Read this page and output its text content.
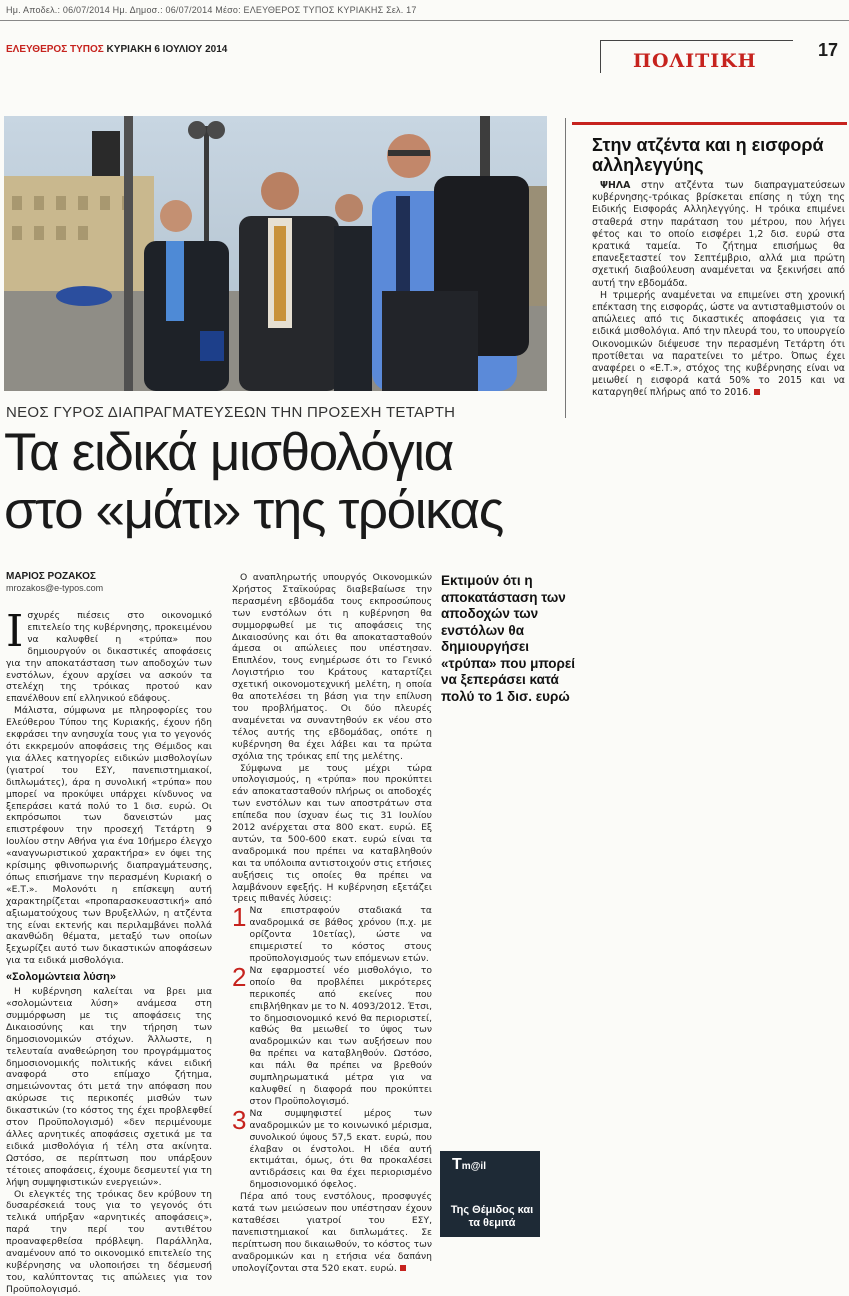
Ημ. Αποδελ.: 06/07/2014 Ημ. Δημοσ.: 06/07/2014 Μέσο: ΕΛΕΥΘΕΡΟΣ ΤΥΠΟΣ ΚΥΡΙΑΚΗΣ Σελ. 17
ΕΛΕΥΘΕΡΟΣ ΤΥΠΟΣ ΚΥΡΙΑΚΗ 6 ΙΟΥΛΙΟΥ 2014
ΠΟΛΙΤΙΚΗ	17
Στην ατζέντα και η εισφορά αλληλεγγύης

ΨΗΛΑ στην ατζέντα των διαπραγματεύσεων κυβέρνησης-τρόικας βρίσκεται επίσης η τύχη της Ειδικής Εισφοράς Αλληλεγγύης. Η τρόικα επιμένει σταθερά στην παράταση του μέτρου, που λήγει φέτος και το οποίο εισφέρει 1,2 δισ. ευρώ στα κρατικά ταμεία. Το ζήτημα επισήμως θα επανεξεταστεί τον Σεπτέμβριο, αλλά μια πρώτη σχετική διαβούλευση αναμένεται να ξεκινήσει από αυτή την εβδομάδα.

Η τριμερής αναμένεται να επιμείνει στη χρονική επέκταση της εισφοράς, ώστε να αντισταθμιστούν οι απώλειες από τις δικαστικές αποφάσεις για τα ειδικά μισθολόγια. Από την πλευρά του, το υπουργείο Οικονομικών διέψευσε την περασμένη Τετάρτη ότι προτίθεται να παρατείνει το μέτρο. Όπως έχει αναφέρει ο «Ε.Τ.», στόχος της κυβέρνησης είναι να μειωθεί η εισφορά κατά 50% το 2015 και να καταργηθεί πλήρως από το 2016.

ΝΕΟΣ ΓΥΡΟΣ ΔΙΑΠΡΑΓΜΑΤΕΥΣΕΩΝ ΤΗΝ ΠΡΟΣΕΧΗ ΤΕΤΑΡΤΗ
Τα ειδικά μισθολόγια
στο «μάτι» της τρόικας
ΜΑΡΙΟΣ ΡΟΖΑΚΟΣ
mrozakos@e-typos.com

Ισχυρές πιέσεις στο οικονομικό επιτελείο της κυβέρνησης, προκειμένου να καλυφθεί η «τρύπα» που δημιουργούν οι δικαστικές αποφάσεις για την αποκατάσταση των αποδοχών των ενστόλων, έχουν αρχίσει να ασκούν τα στελέχη της τρόικας προτού καν επανέλθουν επί ελληνικού εδάφους.

Μάλιστα, σύμφωνα με πληροφορίες του Ελεύθερου Τύπου της Κυριακής, έχουν ήδη εκφράσει την ανησυχία τους για το γεγονός ότι εκκρεμούν αποφάσεις της Θέμιδος και για άλλες κατηγορίες ειδικών μισθολογίων (γιατροί του ΕΣΥ, πανεπιστημιακοί, διπλωμάτες), άρα η συνολική «τρύπα» που μπορεί να προκύψει υπάρχει κίνδυνος να ξεπεράσει κατά πολύ το 1 δισ. ευρώ. Οι εκπρόσωποι των δανειστών μας επιστρέφουν την προσεχή Τετάρτη 9 Ιουλίου στην Αθήνα για ένα 10ήμερο έλεγχο «αναγνωριστικού χαρακτήρα» εν όψει της κρίσιμης φθινοπωρινής διαπραγμάτευσης, όπως επισήμανε την περασμένη Κυριακή ο «Ε.Τ.». Μολονότι η επίσκεψη αυτή χαρακτηρίζεται «προπαρασκευαστική» από αξιωματούχους των Βρυξελλών, η ατζέντα της είναι εκτενής και περιλαμβάνει πολλά ακανθώδη θέματα, μεταξύ των οποίων ξεχωρίζει αυτό των δικαστικών αποφάσεων για τα ειδικά μισθολόγια.

«Σολομώντεια λύση»

Η κυβέρνηση καλείται να βρει μια «σολομώντεια λύση» ανάμεσα στη συμμόρφωση με τις αποφάσεις της Δικαιοσύνης και την τήρηση των δημοσιονομικών στόχων. Άλλωστε, η τελευταία αναθεώρηση του προγράμματος δημοσιονομικής πολιτικής κάνει ειδική αναφορά στο επίμαχο ζήτημα, σημειώνοντας ότι μετά την απόφαση που ακύρωσε τις περικοπές μισθών των δικαστικών (το κόστος της έχει προβλεφθεί στον Προϋπολογισμό) «δεν περιμένουμε άλλες αρνητικές αποφάσεις σχετικά με τα ειδικά μισθολόγια ή τέλη στα ακίνητα. Ωστόσο, σε περίπτωση που υπάρξουν τέτοιες αποφάσεις, έχουμε δεσμευτεί για τη λήψη συμψηφιστικών ενεργειών».

Οι ελεγκτές της τρόικας δεν κρύβουν τη δυσαρέσκειά τους για το γεγονός ότι τελικά υπήρξαν «αρνητικές αποφάσεις», παρά την περί του αντιθέτου προαναφερθείσα πρόβλεψη. Παράλληλα, αναμένουν από το οικονομικό επιτελείο της κυβέρνησης να υλοποιήσει τη δέσμευσή του, καλύπτοντας τις απώλειες για τον Προϋπολογισμό.

Ο αναπληρωτής υπουργός Οικονομικών Χρήστος Σταϊκούρας διαβεβαίωσε την περασμένη εβδομάδα τους εκπροσώπους των ενστόλων ότι η κυβέρνηση θα συμμορφωθεί με τις αποφάσεις της Δικαιοσύνης και ότι θα αποκατασταθούν άμεσα οι απώλειες που υπέστησαν. Επιπλέον, τους ενημέρωσε ότι το Γενικό Λογιστήριο του Κράτους καταρτίζει σχετική οικονομοτεχνική μελέτη, η οποία θα αποτελέσει τη βάση για την επίλυση του προβλήματος. Οι δύο πλευρές αναμένεται να συναντηθούν εκ νέου στο τέλος αυτής της εβδομάδας, οπότε η κυβέρνηση θα έχει λάβει και τα πρώτα σχόλια της τρόικας επί της μελέτης.

Σύμφωνα με τους μέχρι τώρα υπολογισμούς, η «τρύπα» που προκύπτει εάν αποκατασταθούν πλήρως οι αποδοχές των ενστόλων και των αποστράτων στα επίπεδα που ίσχυαν έως τις 31 Ιουλίου 2012 ανέρχεται στα 800 εκατ. ευρώ. Εξ αυτών, τα 500-600 εκατ. ευρώ είναι τα αναδρομικά που πρέπει να καταβληθούν και τα υπόλοιπα αντιστοιχούν στις ετήσιες αυξήσεις τις οποίες θα πρέπει να λαμβάνουν εφεξής. Η κυβέρνηση εξετάζει τρεις πιθανές λύσεις:

1 Να επιστραφούν σταδιακά τα αναδρομικά σε βάθος χρόνου (π.χ. με ορίζοντα 10ετίας), ώστε να επιμεριστεί το κόστος στους προϋπολογισμούς των επόμενων ετών.
2 Να εφαρμοστεί νέο μισθολόγιο, το οποίο θα προβλέπει μικρότερες περικοπές από εκείνες που επιβλήθηκαν με το Ν. 4093/2012. Έτσι, το δημοσιονομικό κενό θα περιοριστεί, καθώς θα μειωθεί το ύψος των αναδρομικών και των αυξήσεων που θα πρέπει να καταβληθούν. Ωστόσο, και πάλι θα πρέπει να βρεθούν συμπληρωματικά μέτρα για να καλυφθεί η διαφορά που προκύπτει στον Προϋπολογισμό.
3 Να συμψηφιστεί μέρος των αναδρομικών με το κοινωνικό μέρισμα, συνολικού ύψους 57,5 εκατ. ευρώ, που έλαβαν οι ένστολοι. Η ιδέα αυτή εκτιμάται, όμως, ότι θα προκαλέσει αντιδράσεις και θα έχει περιορισμένο δημοσιονομικό όφελος.

Πέρα από τους ενστόλους, προσφυγές κατά των μειώσεων που υπέστησαν έχουν καταθέσει γιατροί του ΕΣΥ, πανεπιστημιακοί και διπλωμάτες. Σε περίπτωση που δικαιωθούν, το κόστος των αναδρομικών και η ετήσια νέα δαπάνη υπολογίζονται στα 520 εκατ. ευρώ.

Εκτιμούν ότι η αποκατάσταση των αποδοχών των ενστόλων θα δημιουργήσει «τρύπα» που μπορεί να ξεπεράσει κατά πολύ το 1 δισ. ευρώ
Tm@il
Της Θέμιδος και τα θεμιτά
